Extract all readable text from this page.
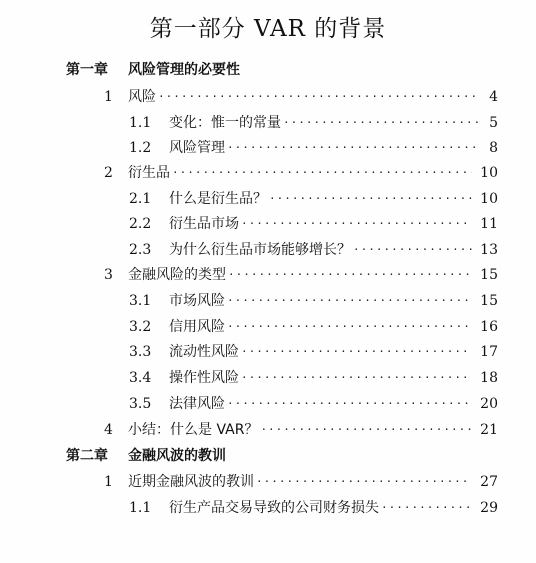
第一部分 VAR 的背景
第一章 风险管理的必要性
1	风险 ·····	4
1.1	变化：惟一的常量 ·····	5
1.2	风险管理 ·····	8
2	衍生品 ·····	10
2.1	什么是衍生品？ ·····	10
2.2	衍生品市场 ·····	11
2.3	为什么衍生品市场能够增长？ ·····	13
3	金融风险的类型 ·····	15
3.1	市场风险 ·····	15
3.2	信用风险 ·····	16
3.3	流动性风险 ·····	17
3.4	操作性风险 ·····	18
3.5	法律风险 ·····	20
4	小结：什么是 VAR？ ·····	21
第二章 金融风波的教训
1	近期金融风波的教训 ·····	27
1.1	衍生产品交易导致的公司财务损失 ·····	29
